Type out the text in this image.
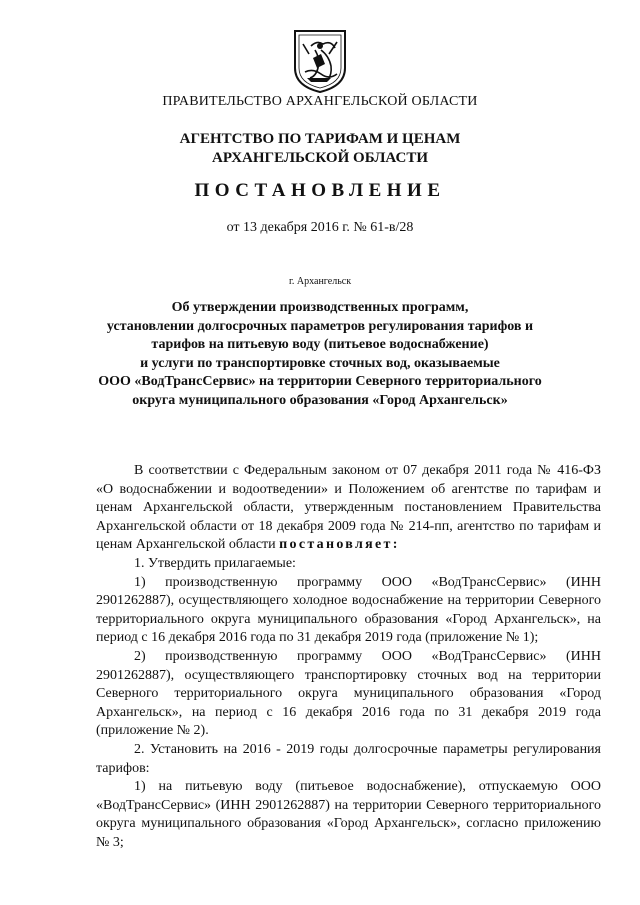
ПРАВИТЕЛЬСТВО АРХАНГЕЛЬСКОЙ ОБЛАСТИ
АГЕНТСТВО ПО ТАРИФАМ И ЦЕНАМ
АРХАНГЕЛЬСКОЙ ОБЛАСТИ
ПОСТАНОВЛЕНИЕ
от 13 декабря 2016 г. № 61-в/28
г. Архангельск
Об утверждении производственных программ,
установлении долгосрочных параметров регулирования тарифов и
тарифов на питьевую воду (питьевое водоснабжение)
и услуги по транспортировке сточных вод, оказываемые
ООО «ВодТрансСервис» на территории Северного территориального
округа муниципального образования «Город Архангельск»

В соответствии с Федеральным законом от 07 декабря 2011 года № 416-ФЗ «О водоснабжении и водоотведении» и Положением об агентстве по тарифам и ценам Архангельской области, утвержденным постановлением Правительства Архангельской области от 18 декабря 2009 года № 214-пп, агентство по тарифам и ценам Архангельской области постановляет:

1. Утвердить прилагаемые:

1) производственную программу ООО «ВодТрансСервис» (ИНН 2901262887), осуществляющего холодное водоснабжение на территории Северного территориального округа муниципального образования «Город Архангельск», на период с 16 декабря 2016 года по 31 декабря 2019 года (приложение № 1);

2) производственную программу ООО «ВодТрансСервис» (ИНН 2901262887), осуществляющего транспортировку сточных вод на территории Северного территориального округа муниципального образования «Город Архангельск», на период с 16 декабря 2016 года по 31 декабря 2019 года (приложение № 2).

2. Установить на 2016 - 2019 годы долгосрочные параметры регулирования тарифов:

1) на питьевую воду (питьевое водоснабжение), отпускаемую ООО «ВодТрансСервис» (ИНН 2901262887) на территории Северного территориального округа муниципального образования «Город Архангельск», согласно приложению № 3;
